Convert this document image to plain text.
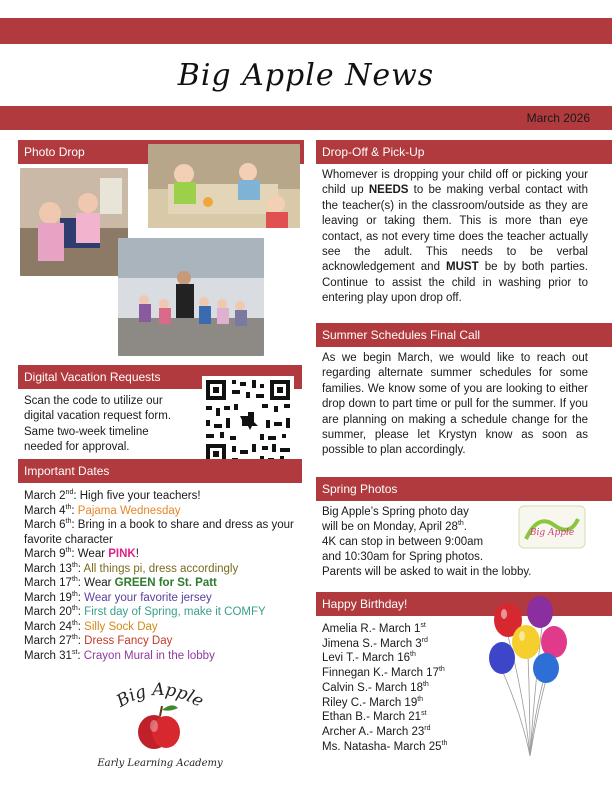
Big Apple News
March 2026
Photo Drop	Drop-Off & Pick-Up
Whomever is dropping your child off or picking your child up NEEDS to be making verbal contact with the teacher(s) in the classroom/outside as they are leaving or taking them. This is more than eye contact, as not every time does the teacher actually see the adult. This needs to be verbal acknowledgement and MUST be by both parties. Continue to assist the child in washing prior to entering play upon drop off.
Summer Schedules Final Call
As we begin March, we would like to reach out regarding alternate summer schedules for some families. We know some of you are looking to either drop down to part time or pull for the summer. If you are planning on making a schedule change for the summer, please let Krystyn know as soon as possible to plan accordingly.
Digital Vacation Requests
Scan the code to utilize our digital vacation request form. Same two-week timeline needed for approval.
Important Dates
March 2nd: High five your teachers!
March 4th: Pajama Wednesday
March 6th: Bring in a book to share and dress as your favorite character
March 9th: Wear PINK!
March 13th: All things pi, dress accordingly
March 17th: Wear GREEN for St. Patt
March 19th: Wear your favorite jersey
March 20th: First day of Spring, make it COMFY
March 24th: Silly Sock Day
March 27th: Dress Fancy Day
March 31st: Crayon Mural in the lobby
Spring Photos
Big Apple’s Spring photo day
will be on Monday, April 28th.
4K can stop in between 9:00am
and 10:30am for Spring photos.
Parents will be asked to wait in the lobby.
Big Apple
Happy Birthday!
Amelia R.- March 1st
Jimena S.- March 3rd
Levi T.- March 16th
Finnegan K.- March 17th
Calvin S.- March 18th
Riley C.- March 19th
Ethan B.- March 21st
Archer A.- March 23rd
Ms. Natasha- March 25th
Big Apple
Early Learning Academy
